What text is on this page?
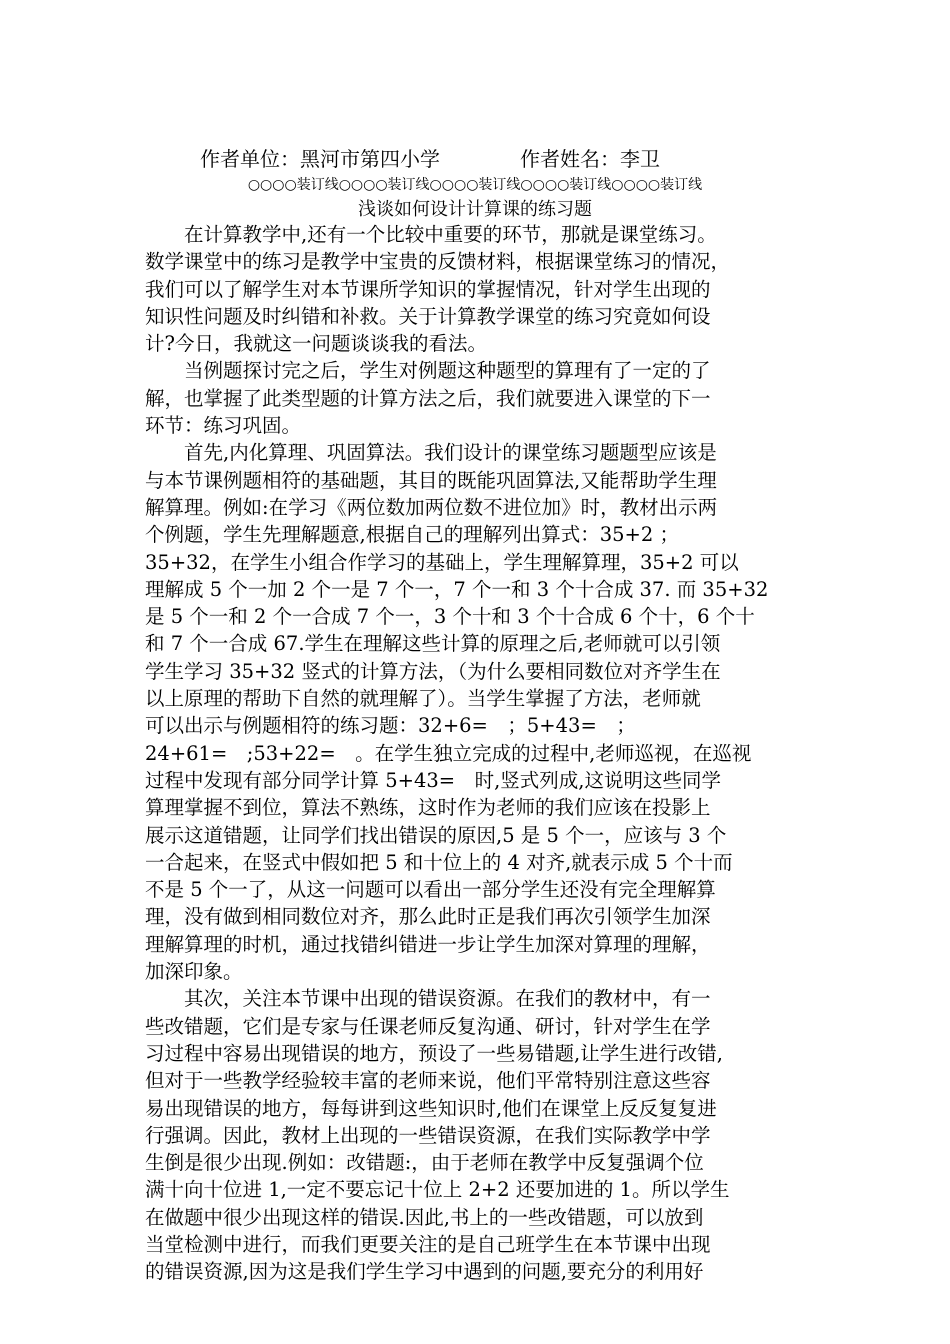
作者单位：黑河市第四小学	作者姓名：李卫
○○○○装订线○○○○装订线○○○○装订线○○○○装订线○○○○装订线
浅谈如何设计计算课的练习题
　　在计算教学中,还有一个比较中重要的环节，那就是课堂练习。
数学课堂中的练习是教学中宝贵的反馈材料，根据课堂练习的情况，
我们可以了解学生对本节课所学知识的掌握情况，针对学生出现的
知识性问题及时纠错和补救。关于计算教学课堂的练习究竟如何设
计?今日，我就这一问题谈谈我的看法。
　　当例题探讨完之后，学生对例题这种题型的算理有了一定的了
解，也掌握了此类型题的计算方法之后，我们就要进入课堂的下一
环节：练习巩固。
　　首先,内化算理、巩固算法。我们设计的课堂练习题题型应该是
与本节课例题相符的基础题，其目的既能巩固算法,又能帮助学生理
解算理。例如:在学习《两位数加两位数不进位加》时，教材出示两
个例题，学生先理解题意,根据自己的理解列出算式：35+2 ；
35+32，在学生小组合作学习的基础上，学生理解算理，35+2 可以
理解成 5 个一加 2 个一是 7 个一，7 个一和 3 个十合成 37. 而 35+32
是 5 个一和 2 个一合成 7 个一，3 个十和 3 个十合成 6 个十，6 个十
和 7 个一合成 67.学生在理解这些计算的原理之后,老师就可以引领
学生学习 35+32 竖式的计算方法，（为什么要相同数位对齐学生在
以上原理的帮助下自然的就理解了）。当学生掌握了方法，老师就
可以出示与例题相符的练习题：32+6=　；5+43=　；
24+61=　;53+22=　。在学生独立完成的过程中,老师巡视，在巡视
过程中发现有部分同学计算 5+43=　时,竖式列成,这说明这些同学
算理掌握不到位，算法不熟练，这时作为老师的我们应该在投影上
展示这道错题，让同学们找出错误的原因,5 是 5 个一，应该与 3 个
一合起来，在竖式中假如把 5 和十位上的 4 对齐,就表示成 5 个十而
不是 5 个一了，从这一问题可以看出一部分学生还没有完全理解算
理，没有做到相同数位对齐，那么此时正是我们再次引领学生加深
理解算理的时机，通过找错纠错进一步让学生加深对算理的理解，
加深印象。
　　其次，关注本节课中出现的错误资源。在我们的教材中，有一
些改错题，它们是专家与任课老师反复沟通、研讨，针对学生在学
习过程中容易出现错误的地方，预设了一些易错题,让学生进行改错,
但对于一些教学经验较丰富的老师来说，他们平常特别注意这些容
易出现错误的地方，每每讲到这些知识时,他们在课堂上反反复复进
行强调。因此，教材上出现的一些错误资源，在我们实际教学中学
生倒是很少出现.例如：改错题:，由于老师在教学中反复强调个位
满十向十位进 1,一定不要忘记十位上 2+2 还要加进的 1。所以学生
在做题中很少出现这样的错误.因此,书上的一些改错题，可以放到
当堂检测中进行，而我们更要关注的是自己班学生在本节课中出现
的错误资源,因为这是我们学生学习中遇到的问题,要充分的利用好
